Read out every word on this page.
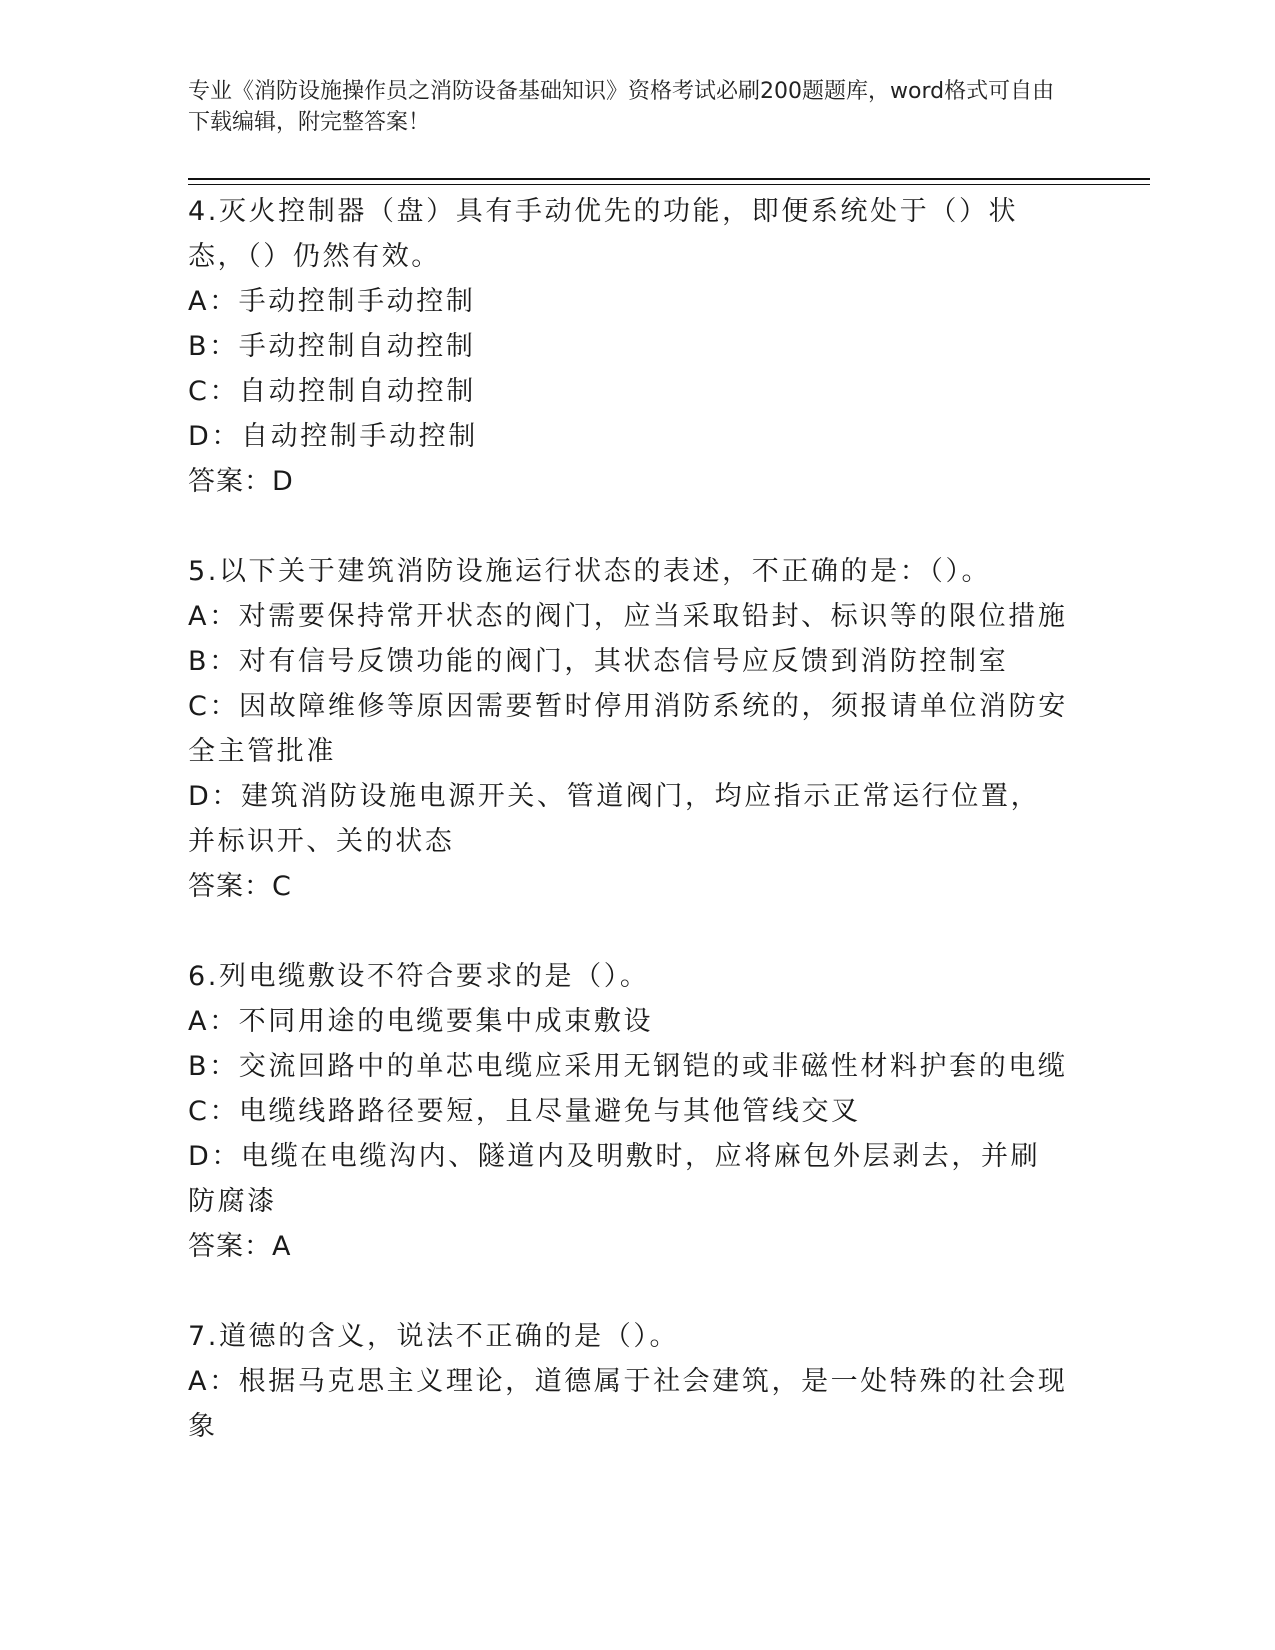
专业《消防设施操作员之消防设备基础知识》资格考试必刷200题题库，word格式可自由下载编辑，附完整答案！
4.灭火控制器（盘）具有手动优先的功能，即便系统处于（）状态，（）仍然有效。
A：手动控制手动控制
B：手动控制自动控制
C：自动控制自动控制
D：自动控制手动控制
答案：D
5.以下关于建筑消防设施运行状态的表述，不正确的是：（）。
A：对需要保持常开状态的阀门，应当采取铅封、标识等的限位措施
B：对有信号反馈功能的阀门，其状态信号应反馈到消防控制室
C：因故障维修等原因需要暂时停用消防系统的，须报请单位消防安全主管批准
D：建筑消防设施电源开关、管道阀门，均应指示正常运行位置，并标识开、关的状态
答案：C
6.列电缆敷设不符合要求的是（）。
A：不同用途的电缆要集中成束敷设
B：交流回路中的单芯电缆应采用无钢铠的或非磁性材料护套的电缆
C：电缆线路路径要短，且尽量避免与其他管线交叉
D：电缆在电缆沟内、隧道内及明敷时，应将麻包外层剥去，并刷防腐漆
答案：A
7.道德的含义，说法不正确的是（）。
A：根据马克思主义理论，道德属于社会建筑，是一处特殊的社会现象
